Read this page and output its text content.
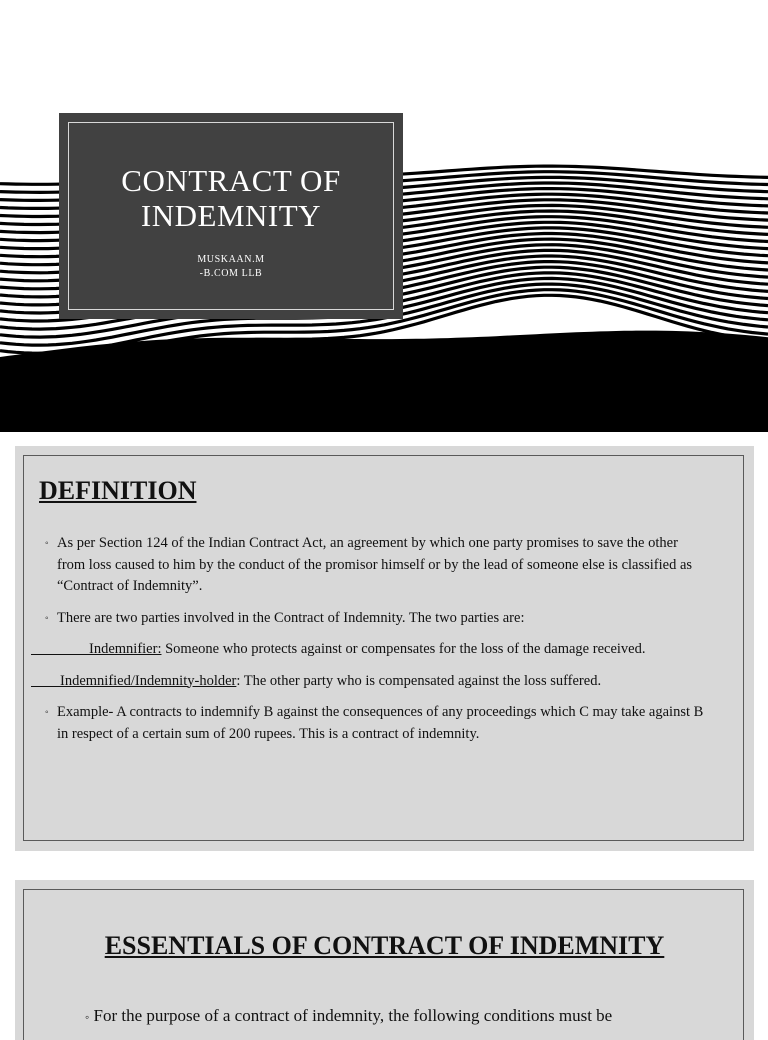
CONTRACT OF
INDEMNITY
MUSKAAN.M
-B.COM LLB
DEFINITION
◦ As per Section 124 of the Indian Contract Act, an agreement by which one party promises to save the other from loss caused to him by the conduct of the promisor himself or by the lead of someone else is classified as “Contract of Indemnity”.
◦ There are two parties involved in the Contract of Indemnity. The two parties are:
​                Indemnifier: Someone who protects against or compensates for the loss of the damage received.
​        Indemnified/Indemnity-holder: The other party who is compensated against the loss suffered.
◦ Example- A contracts to indemnify B against the consequences of any proceedings which C may take against B in respect of a certain sum of 200 rupees. This is a contract of indemnity.
ESSENTIALS OF CONTRACT OF INDEMNITY
◦ For the purpose of a contract of indemnity, the following conditions must be
